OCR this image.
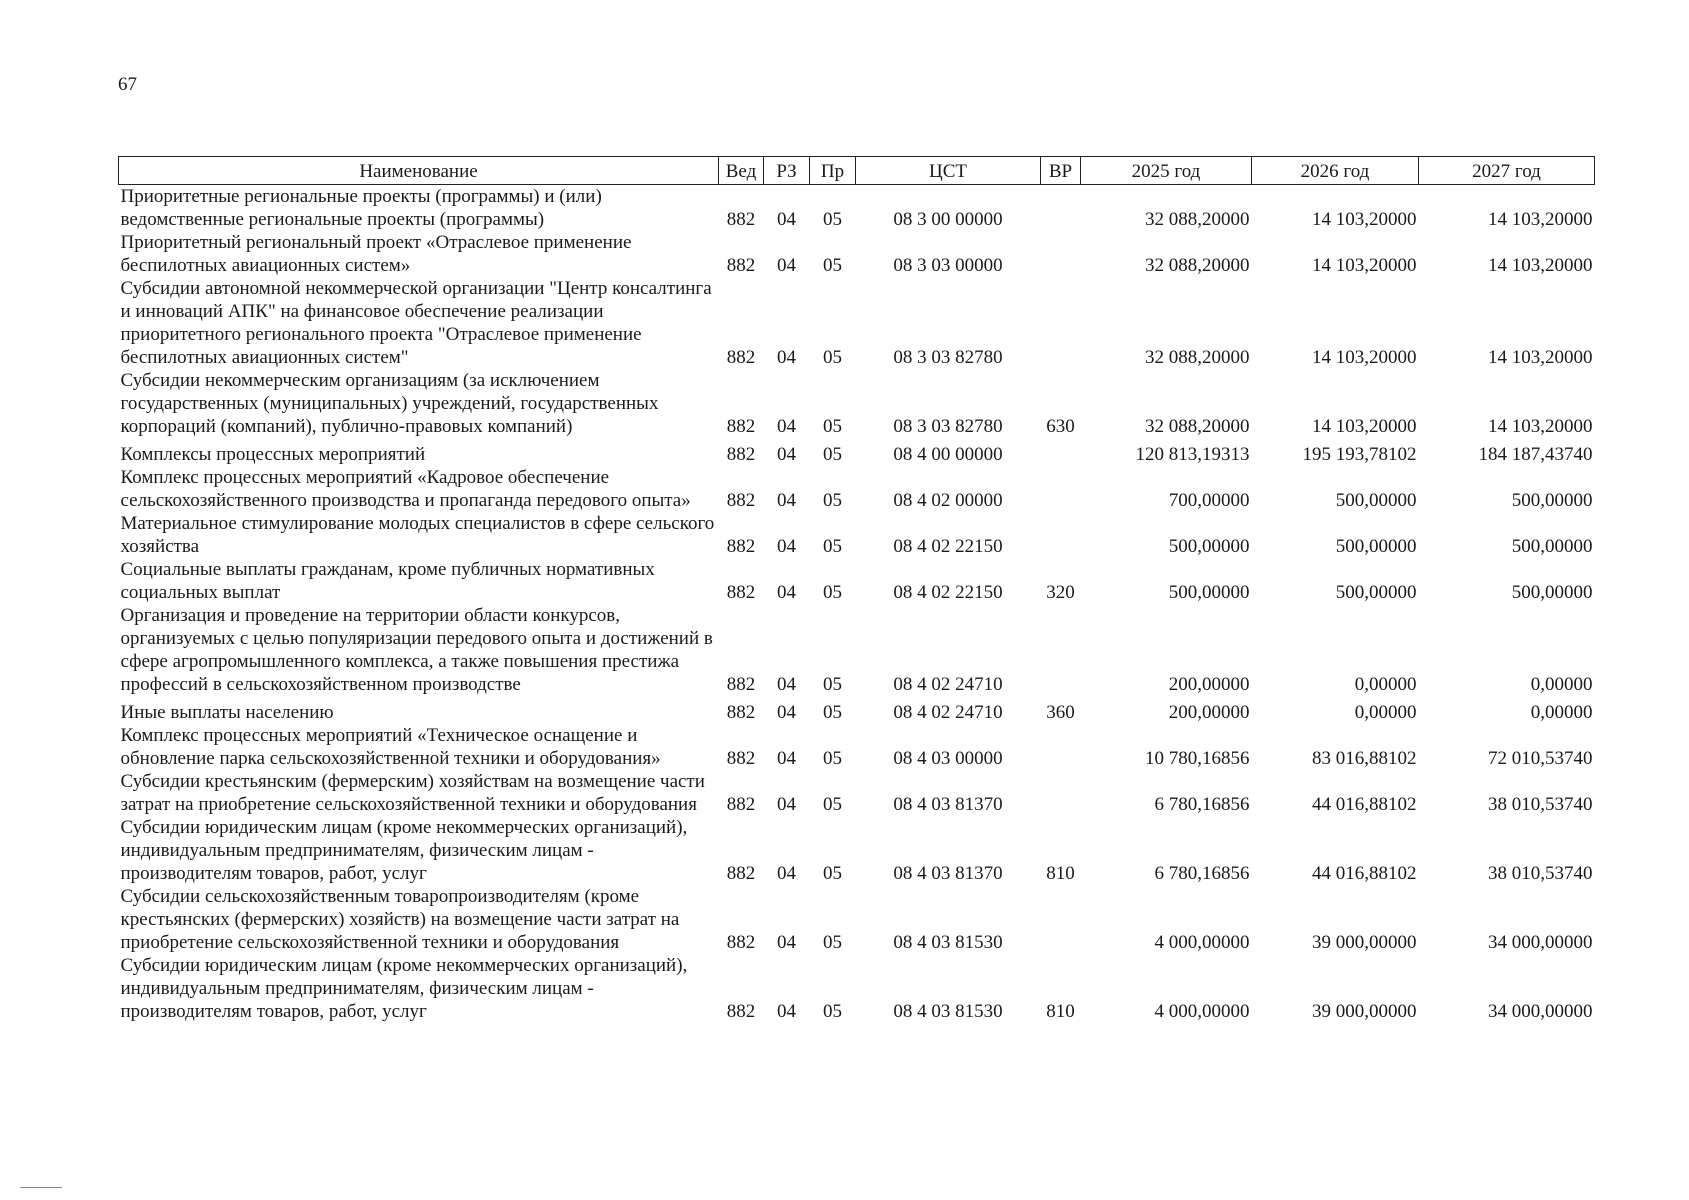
67
Наименование	Вед	РЗ	Пр	ЦСТ	ВР	2025 год	2026 год	2027 год
Приоритетные региональные проекты (программы) и (или) ведомственные региональные проекты (программы)	882	04	05	08 3 00 00000		32 088,20000	14 103,20000	14 103,20000
Приоритетный региональный проект «Отраслевое применение беспилотных авиационных систем»	882	04	05	08 3 03 00000		32 088,20000	14 103,20000	14 103,20000
Субсидии автономной некоммерческой организации "Центр консалтинга и инноваций АПК" на финансовое обеспечение реализации приоритетного регионального проекта "Отраслевое применение беспилотных авиационных систем"	882	04	05	08 3 03 82780		32 088,20000	14 103,20000	14 103,20000
Субсидии некоммерческим организациям (за исключением государственных (муниципальных) учреждений, государственных корпораций (компаний), публично-правовых компаний)	882	04	05	08 3 03 82780	630	32 088,20000	14 103,20000	14 103,20000
Комплексы процессных мероприятий	882	04	05	08 4 00 00000		120 813,19313	195 193,78102	184 187,43740
Комплекс процессных мероприятий «Кадровое обеспечение сельскохозяйственного производства и пропаганда передового опыта»	882	04	05	08 4 02 00000		700,00000	500,00000	500,00000
Материальное стимулирование молодых специалистов в сфере сельского хозяйства	882	04	05	08 4 02 22150		500,00000	500,00000	500,00000
Социальные выплаты гражданам, кроме публичных нормативных социальных выплат	882	04	05	08 4 02 22150	320	500,00000	500,00000	500,00000
Организация и проведение на территории области конкурсов, организуемых с целью популяризации передового опыта и достижений в сфере агропромышленного комплекса, а также повышения престижа профессий в сельскохозяйственном производстве	882	04	05	08 4 02 24710		200,00000	0,00000	0,00000
Иные выплаты населению	882	04	05	08 4 02 24710	360	200,00000	0,00000	0,00000
Комплекс процессных мероприятий «Техническое оснащение и обновление парка сельскохозяйственной техники и оборудования»	882	04	05	08 4 03 00000		10 780,16856	83 016,88102	72 010,53740
Субсидии крестьянским (фермерским) хозяйствам на возмещение части затрат на приобретение сельскохозяйственной техники и оборудования	882	04	05	08 4 03 81370		6 780,16856	44 016,88102	38 010,53740
Субсидии юридическим лицам (кроме некоммерческих организаций), индивидуальным предпринимателям, физическим лицам - производителям товаров, работ, услуг	882	04	05	08 4 03 81370	810	6 780,16856	44 016,88102	38 010,53740
Субсидии сельскохозяйственным товаропроизводителям (кроме крестьянских (фермерских) хозяйств) на возмещение части затрат на приобретение сельскохозяйственной техники и оборудования	882	04	05	08 4 03 81530		4 000,00000	39 000,00000	34 000,00000
Субсидии юридическим лицам (кроме некоммерческих организаций), индивидуальным предпринимателям, физическим лицам - производителям товаров, работ, услуг	882	04	05	08 4 03 81530	810	4 000,00000	39 000,00000	34 000,00000
